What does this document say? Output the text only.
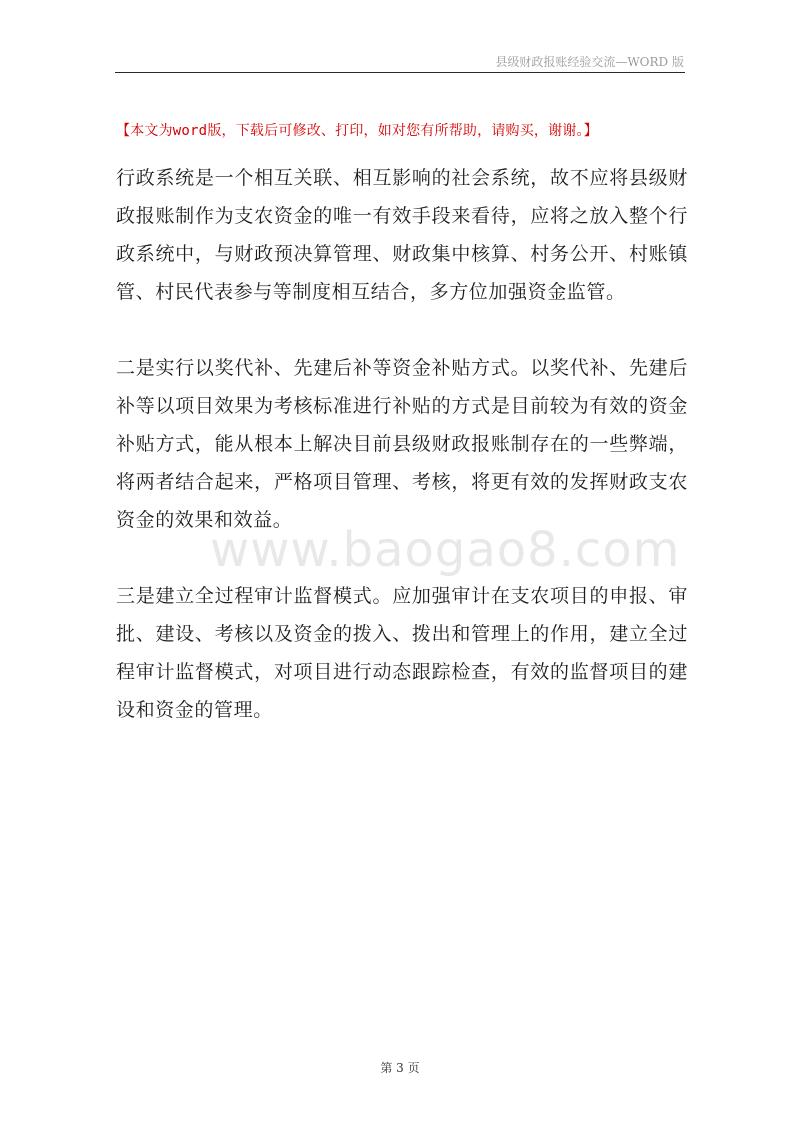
县级财政报账经验交流—WORD 版
【本文为word版，下载后可修改、打印，如对您有所帮助，请购买，谢谢。】

行政系统是一个相互关联、相互影响的社会系统，故不应将县级财政报账制作为支农资金的唯一有效手段来看待，应将之放入整个行政系统中，与财政预决算管理、财政集中核算、村务公开、村账镇管、村民代表参与等制度相互结合，多方位加强资金监管。

二是实行以奖代补、先建后补等资金补贴方式。以奖代补、先建后补等以项目效果为考核标准进行补贴的方式是目前较为有效的资金补贴方式，能从根本上解决目前县级财政报账制存在的一些弊端，将两者结合起来，严格项目管理、考核，将更有效的发挥财政支农资金的效果和效益。

三是建立全过程审计监督模式。应加强审计在支农项目的申报、审批、建设、考核以及资金的拨入、拨出和管理上的作用，建立全过程审计监督模式，对项目进行动态跟踪检查，有效的监督项目的建设和资金的管理。

www.baogao8.com
第 3 页
